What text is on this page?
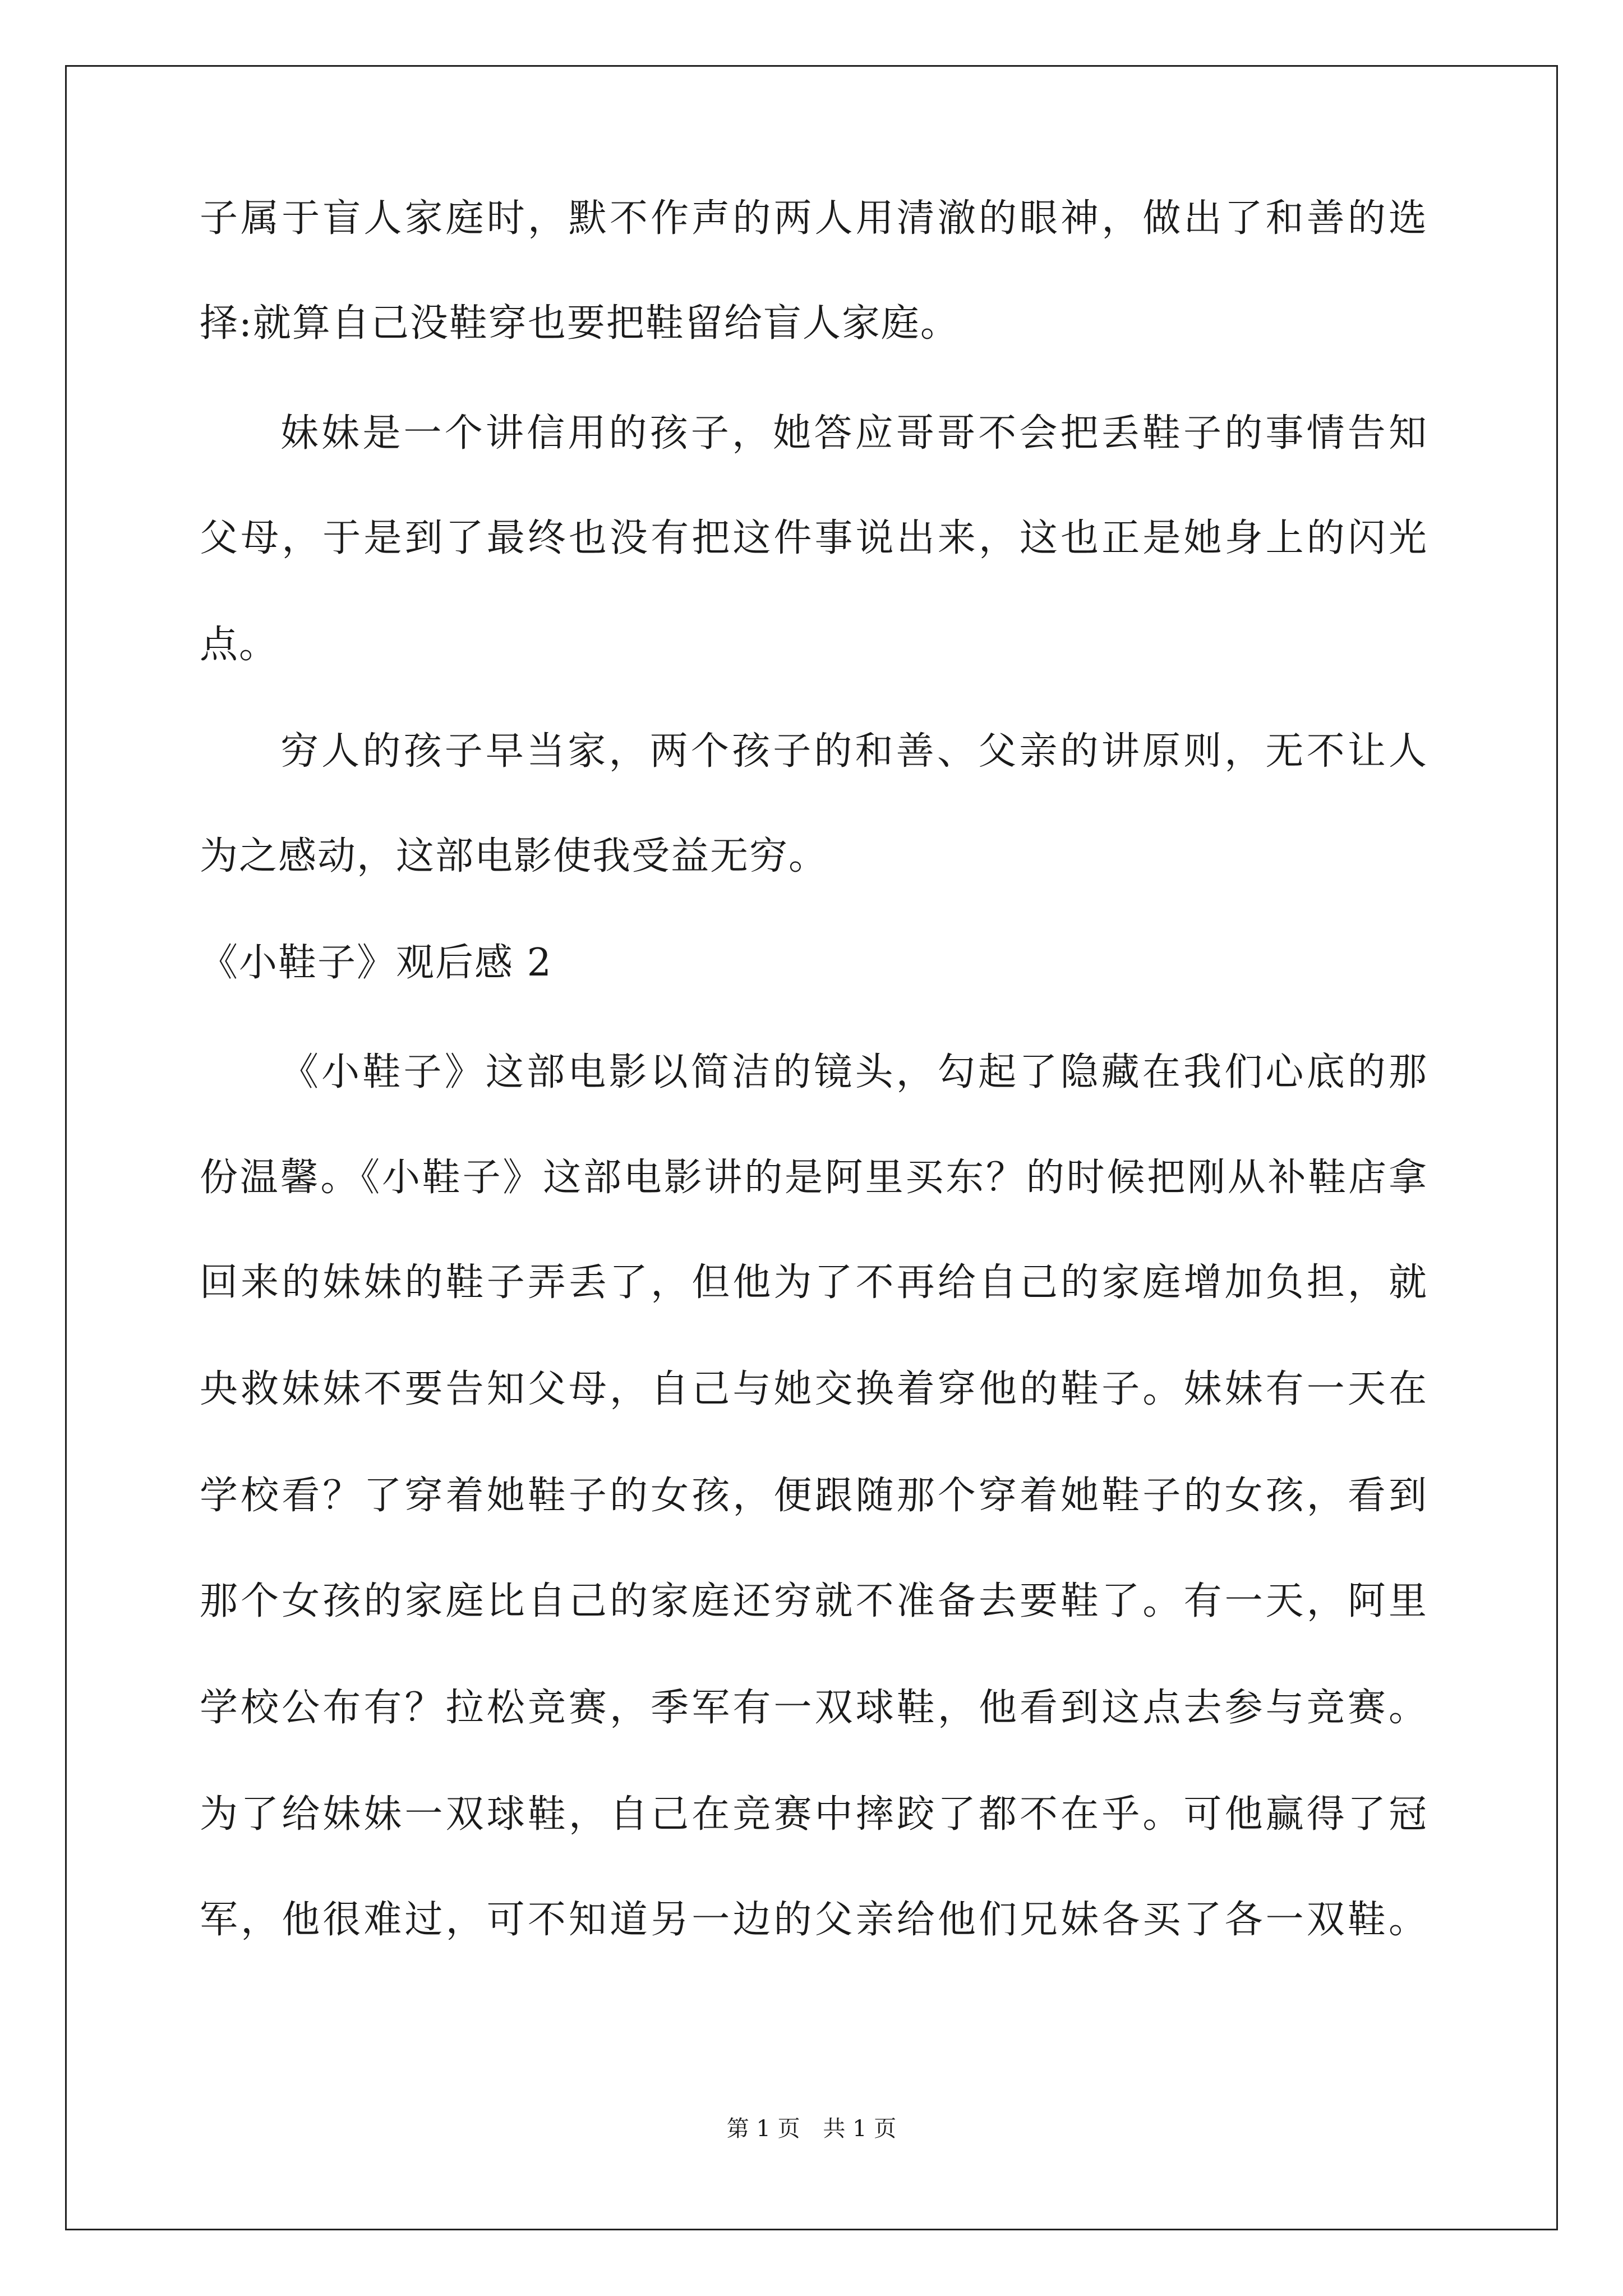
子属于盲人家庭时，默不作声的两人用清澈的眼神，做出了和善的选
择:就算自己没鞋穿也要把鞋留给盲人家庭。
妹妹是一个讲信用的孩子，她答应哥哥不会把丢鞋子的事情告知
父母，于是到了最终也没有把这件事说出来，这也正是她身上的闪光
点。
穷人的孩子早当家，两个孩子的和善、父亲的讲原则，无不让人
为之感动，这部电影使我受益无穷。
《小鞋子》观后感 2
《小鞋子》这部电影以简洁的镜头，勾起了隐藏在我们心底的那
份温馨。《小鞋子》这部电影讲的是阿里买东？的时候把刚从补鞋店拿
回来的妹妹的鞋子弄丢了，但他为了不再给自己的家庭增加负担，就
央救妹妹不要告知父母，自己与她交换着穿他的鞋子。妹妹有一天在
学校看？了穿着她鞋子的女孩，便跟随那个穿着她鞋子的女孩，看到
那个女孩的家庭比自己的家庭还穷就不准备去要鞋了。有一天，阿里
学校公布有？拉松竞赛，季军有一双球鞋，他看到这点去参与竞赛。
为了给妹妹一双球鞋，自己在竞赛中摔跤了都不在乎。可他赢得了冠
军，他很难过，可不知道另一边的父亲给他们兄妹各买了各一双鞋。
第 1 页 共 1 页
